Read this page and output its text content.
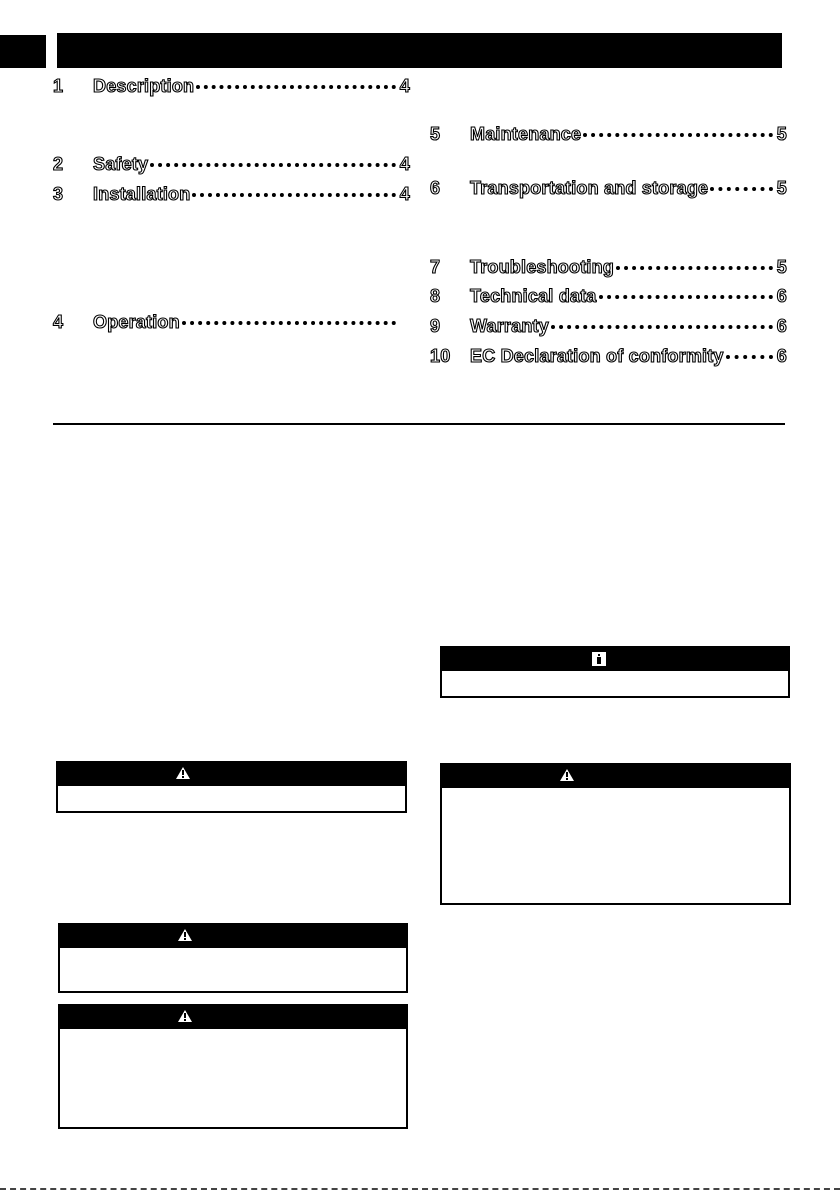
1	Description	4
2	Safety	4
3	Installation	4
4	Operation
5	Maintenance	5
6	Transportation and storage	5
7	Troubleshooting	5
8	Technical data	6
9	Warranty	6
10	EC Declaration of conformity	6
